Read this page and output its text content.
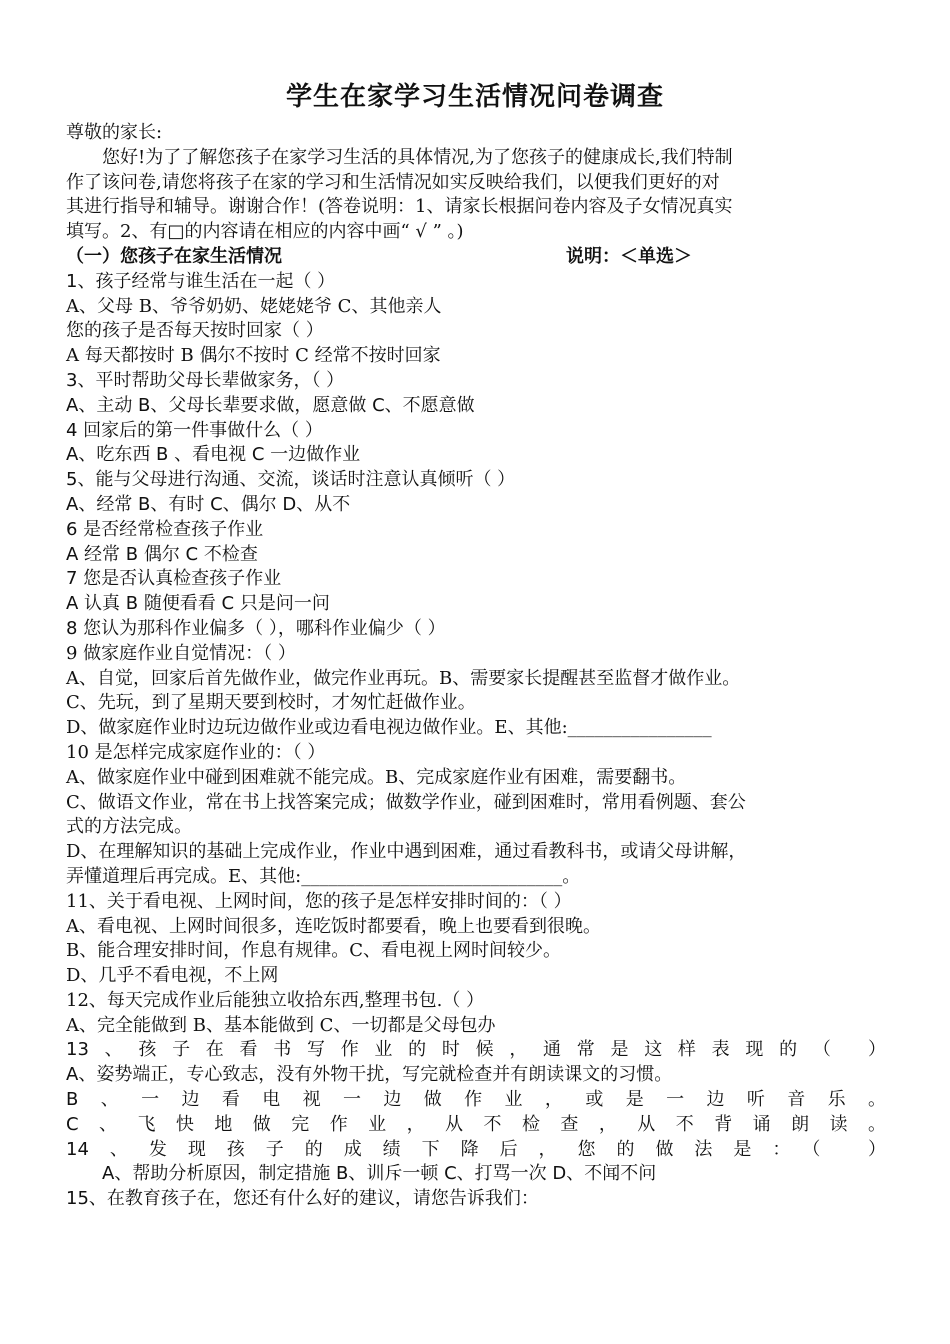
学生在家学习生活情况问卷调查
尊敬的家长:
您好!为了了解您孩子在家学习生活的具体情况,为了您孩子的健康成长,我们特制
作了该问卷,请您将孩子在家的学习和生活情况如实反映给我们，以便我们更好的对
其进行指导和辅导。谢谢合作！(答卷说明：1、请家长根据问卷内容及子女情况真实
填写。2、有□的内容请在相应的内容中画“ √ ” 。)
（一）您孩子在家生活情况	说明：＜单选＞
1、孩子经常与谁生活在一起（ ）
A、父母 B、爷爷奶奶、姥姥姥爷 C、其他亲人
您的孩子是否每天按时回家（ ）
A 每天都按时 B 偶尔不按时 C 经常不按时回家
3、平时帮助父母长辈做家务，（ ）
A、主动 B、父母长辈要求做，愿意做 C、不愿意做
4 回家后的第一件事做什么（ ）
A、吃东西 B 、看电视 C 一边做作业
5、能与父母进行沟通、交流，谈话时注意认真倾听（ ）
A、经常 B、有时 C、偶尔 D、从不
6 是否经常检查孩子作业
A 经常 B 偶尔 C 不检查
7 您是否认真检查孩子作业
A 认真 B 随便看看 C 只是问一问
8 您认为那科作业偏多（ ），哪科作业偏少（ ）
9 做家庭作业自觉情况：（ ）
A、自觉，回家后首先做作业，做完作业再玩。B、需要家长提醒甚至监督才做作业。
C、先玩，到了星期天要到校时，才匆忙赶做作业。
D、做家庭作业时边玩边做作业或边看电视边做作业。E、其他:________________
10 是怎样完成家庭作业的：（ ）
A、做家庭作业中碰到困难就不能完成。B、完成家庭作业有困难，需要翻书。
C、做语文作业，常在书上找答案完成；做数学作业，碰到困难时，常用看例题、套公
式的方法完成。
D、在理解知识的基础上完成作业，作业中遇到困难，通过看教科书，或请父母讲解，
弄懂道理后再完成。E、其他:_____________________________。
11、关于看电视、上网时间，您的孩子是怎样安排时间的：（ ）
A、看电视、上网时间很多，连吃饭时都要看，晚上也要看到很晚。
B、能合理安排时间，作息有规律。C、看电视上网时间较少。
D、几乎不看电视，不上网
12、每天完成作业后能独立收拾东西,整理书包.（ ）
A、完全能做到 B、基本能做到 C、一切都是父母包办
13、孩子在看书写作业的时候，通常是这样表现的（ ）
A、姿势端正，专心致志，没有外物干扰，写完就检查并有朗读课文的习惯。
B、一边看电视一边做作业，或是一边听音乐。
C、飞快地做完作业，从不检查，从不背诵朗读。
14、发现孩子的成绩下降后，您的做法是：（ ）
A、帮助分析原因，制定措施 B、训斥一顿 C、打骂一次 D、不闻不问
15、在教育孩子在，您还有什么好的建议，请您告诉我们：
